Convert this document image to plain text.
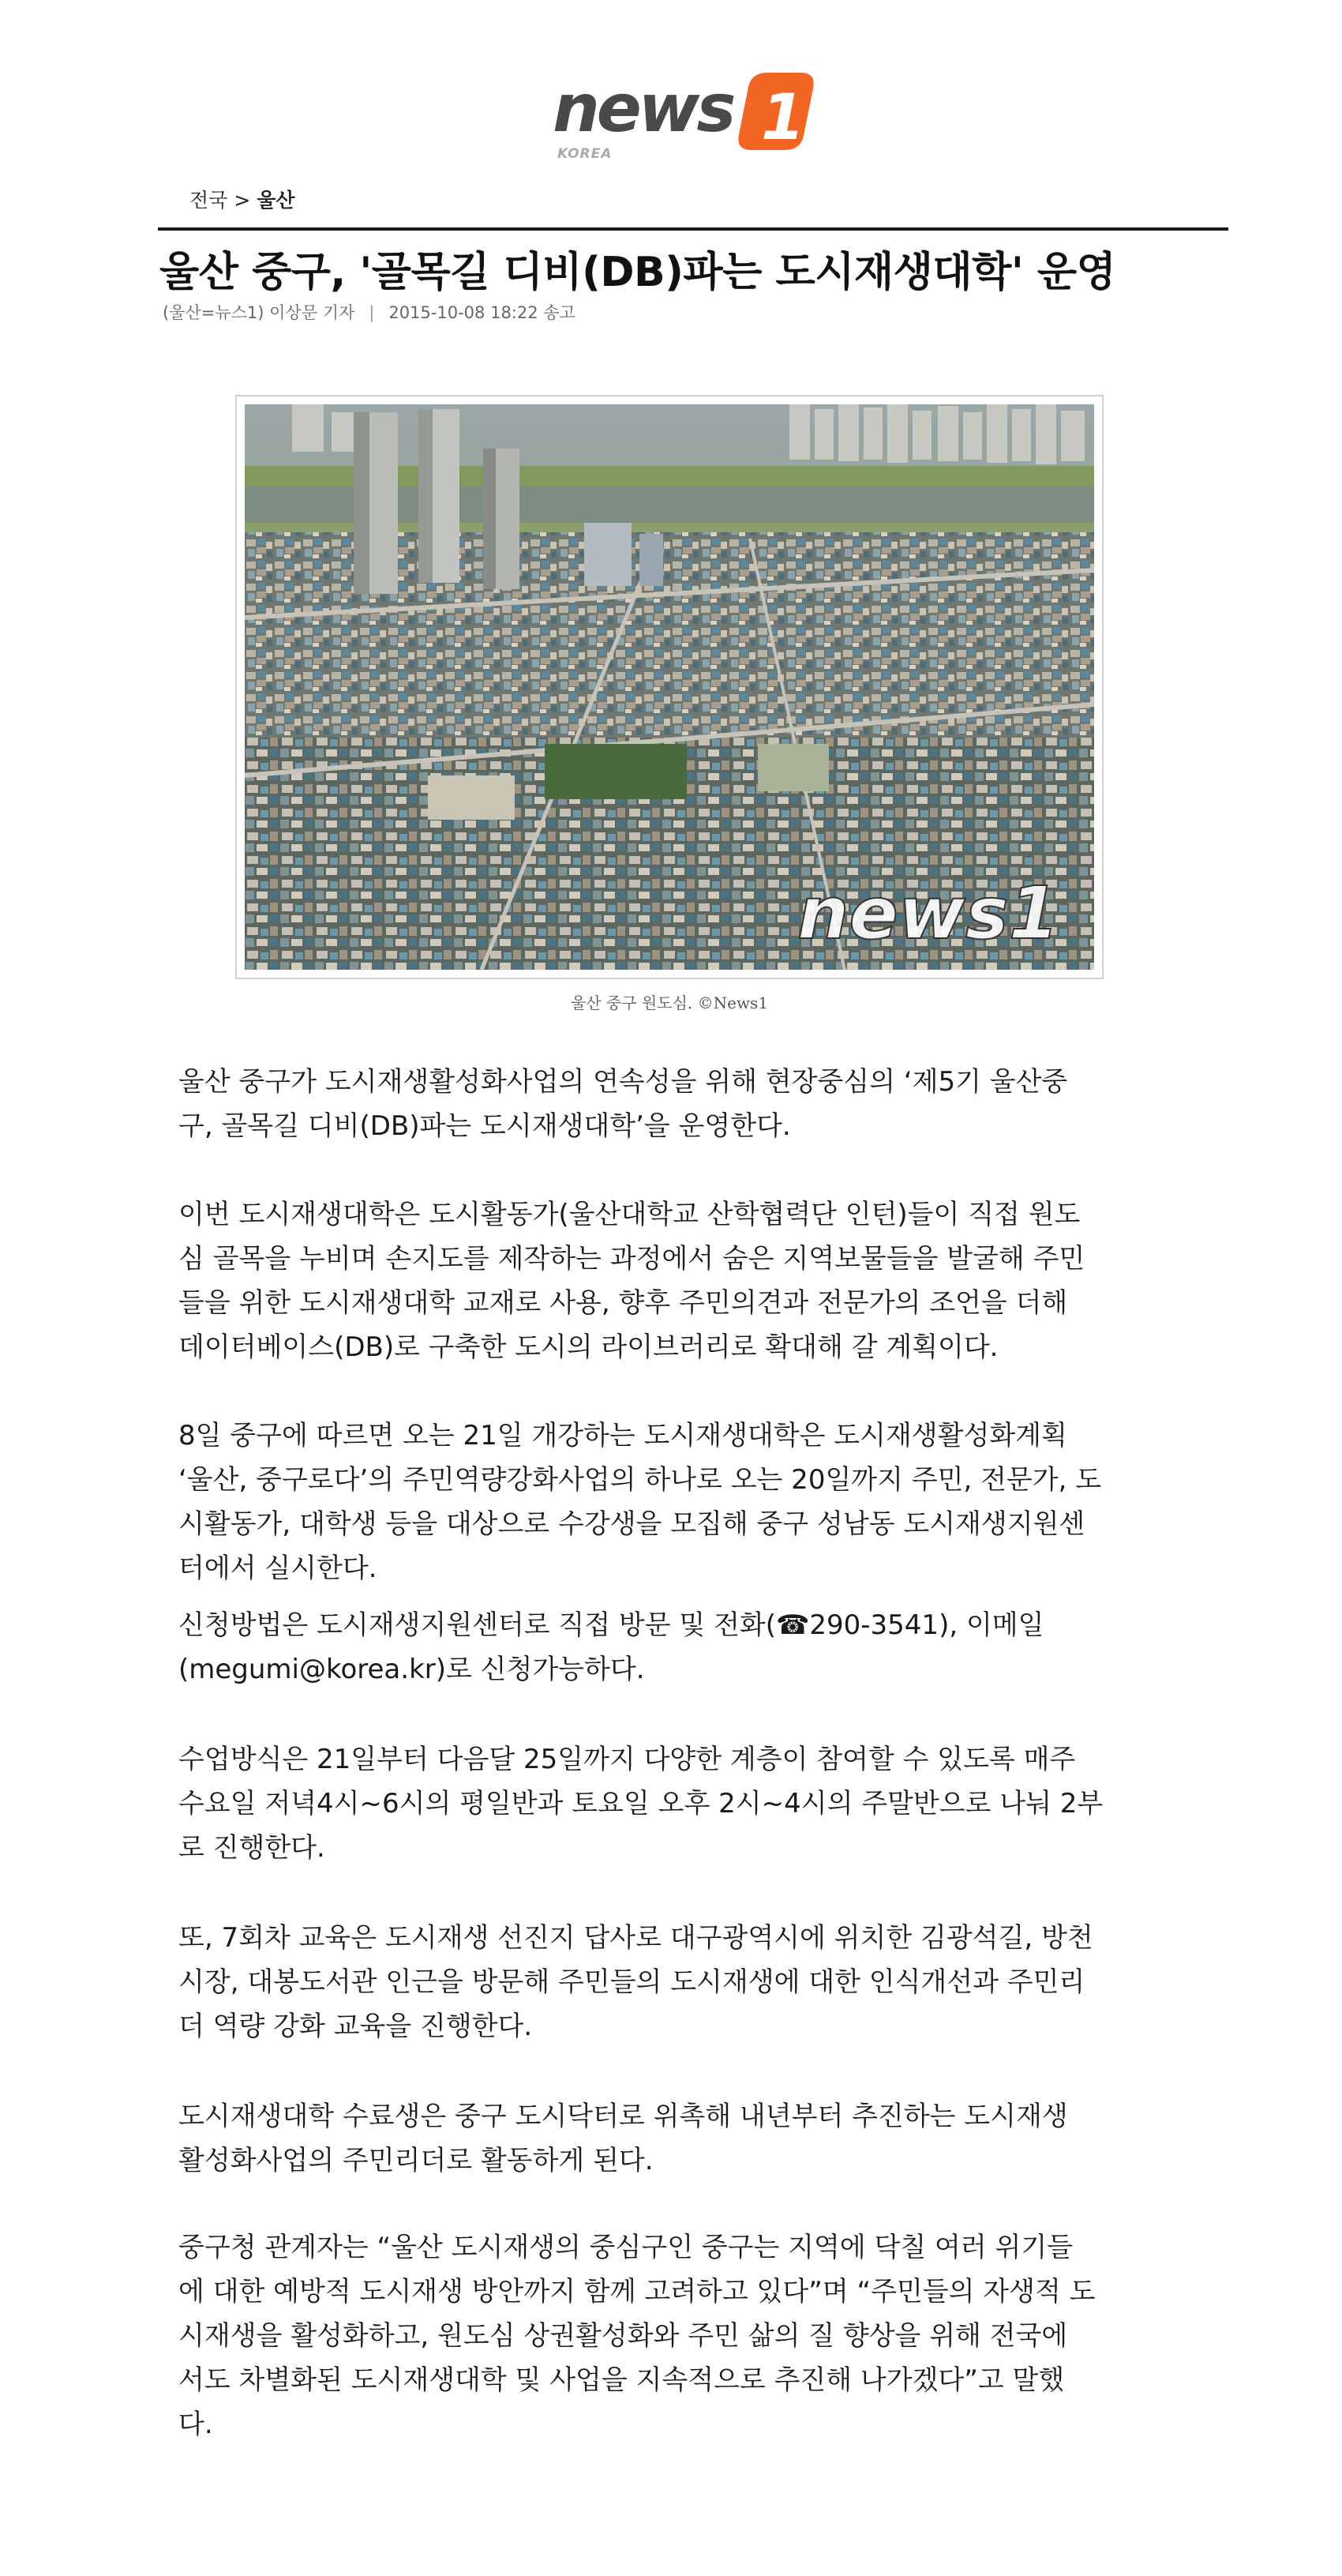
news 1
KOREA
전국 > 울산
울산 중구, '골목길 디비(DB)파는 도시재생대학' 운영
(울산=뉴스1) 이상문 기자 | 2015-10-08 18:22 송고
news1
울산 중구 원도심. ©News1
울산 중구가 도시재생활성화사업의 연속성을 위해 현장중심의 ‘제5기 울산중
구, 골목길 디비(DB)파는 도시재생대학’을 운영한다.
이번 도시재생대학은 도시활동가(울산대학교 산학협력단 인턴)들이 직접 원도
심 골목을 누비며 손지도를 제작하는 과정에서 숨은 지역보물들을 발굴해 주민
들을 위한 도시재생대학 교재로 사용, 향후 주민의견과 전문가의 조언을 더해
데이터베이스(DB)로 구축한 도시의 라이브러리로 확대해 갈 계획이다.
8일 중구에 따르면 오는 21일 개강하는 도시재생대학은 도시재생활성화계획
‘울산, 중구로다’의 주민역량강화사업의 하나로 오는 20일까지 주민, 전문가, 도
시활동가, 대학생 등을 대상으로 수강생을 모집해 중구 성남동 도시재생지원센
터에서 실시한다.
신청방법은 도시재생지원센터로 직접 방문 및 전화(☎290-3541), 이메일
(megumi@korea.kr)로 신청가능하다.
수업방식은 21일부터 다음달 25일까지 다양한 계층이 참여할 수 있도록 매주
수요일 저녁4시~6시의 평일반과 토요일 오후 2시~4시의 주말반으로 나눠 2부
로 진행한다.
또, 7회차 교육은 도시재생 선진지 답사로 대구광역시에 위치한 김광석길, 방천
시장, 대봉도서관 인근을 방문해 주민들의 도시재생에 대한 인식개선과 주민리
더 역량 강화 교육을 진행한다.
도시재생대학 수료생은 중구 도시닥터로 위촉해 내년부터 추진하는 도시재생
활성화사업의 주민리더로 활동하게 된다.
중구청 관계자는 “울산 도시재생의 중심구인 중구는 지역에 닥칠 여러 위기들
에 대한 예방적 도시재생 방안까지 함께 고려하고 있다”며 “주민들의 자생적 도
시재생을 활성화하고, 원도심 상권활성화와 주민 삶의 질 향상을 위해 전국에
서도 차별화된 도시재생대학 및 사업을 지속적으로 추진해 나가겠다”고 말했
다.
